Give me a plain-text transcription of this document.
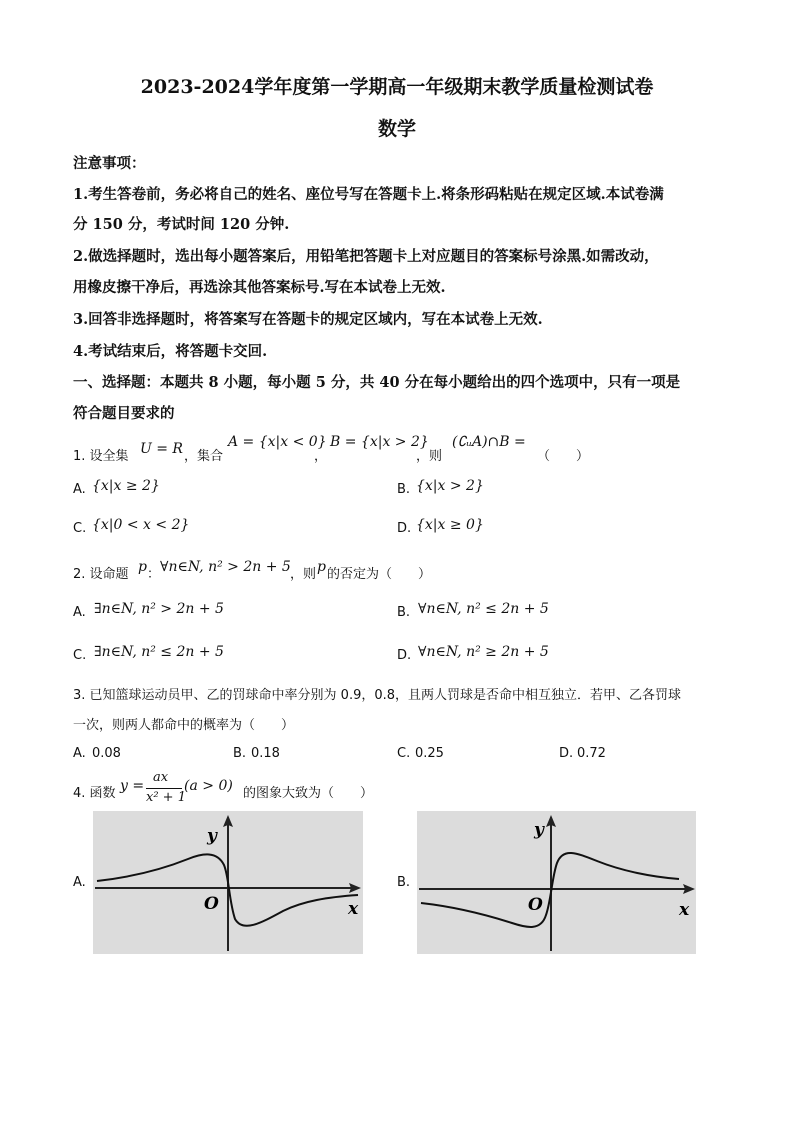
2023-2024学年度第一学期高一年级期末教学质量检测试卷
数学
注意事项：
1.考生答卷前，务必将自己的姓名、座位号写在答题卡上.将条形码粘贴在规定区域.本试卷满
分 150 分，考试时间 120 分钟.
2.做选择题时，选出每小题答案后，用铅笔把答题卡上对应题目的答案标号涂黑.如需改动，
用橡皮擦干净后，再选涂其他答案标号.写在本试卷上无效.
3.回答非选择题时，将答案写在答题卡的规定区域内，写在本试卷上无效.
4.考试结束后，将答题卡交回.
一、选择题：本题共 8 小题，每小题 5 分，共 40 分在每小题给出的四个选项中，只有一项是
符合题目要求的
1. 设全集 U = R ，集合
A = {x|x < 0}
，
B = {x|x > 2}
，则
(∁ᵤA)∩B =
（　　）
A. {x|x ≥ 2}	B. {x|x > 2}
C. {x|0 < x < 2}	D. {x|x ≥ 0}
2. 设命题 p ： ∀n∈N, n² > 2n + 5 ，则 p 的否定为（　　）
A. ∃n∈N, n² > 2n + 5	B. ∀n∈N, n² ≤ 2n + 5
C. ∃n∈N, n² ≤ 2n + 5	D. ∀n∈N, n² ≥ 2n + 5
3. 已知篮球运动员甲、乙的罚球命中率分别为 0.9，0.8，且两人罚球是否命中相互独立．若甲、乙各罚球
一次，则两人都命中的概率为（　　）
A. 0.08	B. 0.18	C. 0.25	D. 0.72
4. 函数 y =
ax
x² + 1
(a > 0) 的图象大致为（　　）
A.
y
x
O
B.
y
x
O
